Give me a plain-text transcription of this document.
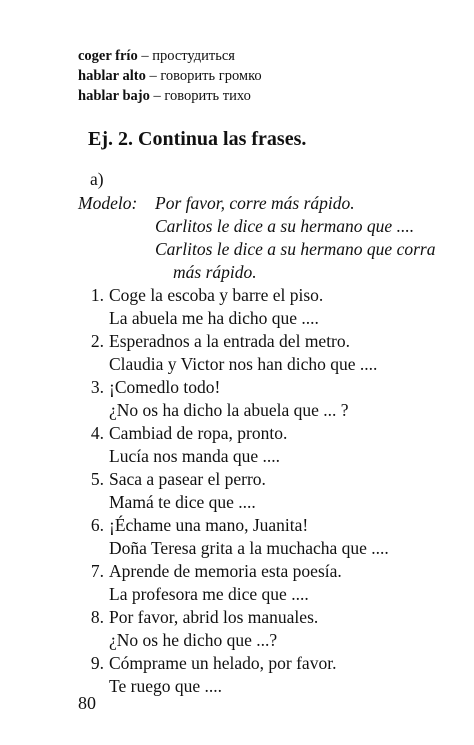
coger frío – простудиться
hablar alto – говорить громко
hablar bajo – говорить тихо
Ej. 2. Continua las frases.
a)
Modelo: Por favor, corre más rápido.
Carlitos le dice a su hermano que ....
Carlitos le dice a su hermano que corra
más rápido.
1. Coge la escoba y barre el piso.
La abuela me ha dicho que ....
2. Esperadnos a la entrada del metro.
Claudia y Victor nos han dicho que ....
3. ¡Comedlo todo!
¿No os ha dicho la abuela que ... ?
4. Cambiad de ropa, pronto.
Lucía nos manda que ....
5. Saca a pasear el perro.
Mamá te dice que ....
6. ¡Échame una mano, Juanita!
Doña Teresa grita a la muchacha que ....
7. Aprende de memoria esta poesía.
La profesora me dice que ....
8. Por favor, abrid los manuales.
¿No os he dicho que ...?
9. Cómprame un helado, por favor.
Te ruego que ....
80
